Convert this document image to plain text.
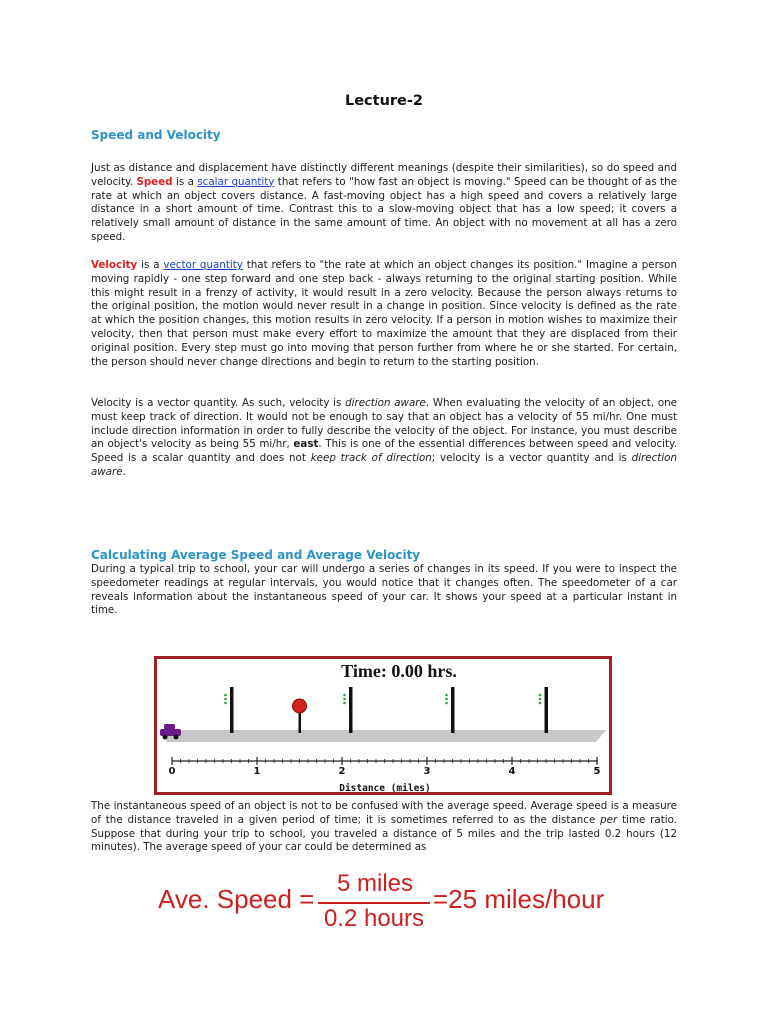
Lecture-2
Speed and Velocity

Just as distance and displacement have distinctly different meanings (despite their similarities), so do speed and velocity. Speed is a scalar quantity that refers to "how fast an object is moving." Speed can be thought of as the rate at which an object covers distance. A fast-moving object has a high speed and covers a relatively large distance in a short amount of time. Contrast this to a slow-moving object that has a low speed; it covers a relatively small amount of distance in the same amount of time. An object with no movement at all has a zero speed.

Velocity is a vector quantity that refers to "the rate at which an object changes its position." Imagine a person moving rapidly - one step forward and one step back - always returning to the original starting position. While this might result in a frenzy of activity, it would result in a zero velocity. Because the person always returns to the original position, the motion would never result in a change in position. Since velocity is defined as the rate at which the position changes, this motion results in zero velocity. If a person in motion wishes to maximize their velocity, then that person must make every effort to maximize the amount that they are displaced from their original position. Every step must go into moving that person further from where he or she started. For certain, the person should never change directions and begin to return to the starting position.

Velocity is a vector quantity. As such, velocity is direction aware. When evaluating the velocity of an object, one must keep track of direction. It would not be enough to say that an object has a velocity of 55 mi/hr. One must include direction information in order to fully describe the velocity of the object. For instance, you must describe an object's velocity as being 55 mi/hr, east. This is one of the essential differences between speed and velocity. Speed is a scalar quantity and does not keep track of direction; velocity is a vector quantity and is direction aware.

Calculating Average Speed and Average Velocity

During a typical trip to school, your car will undergo a series of changes in its speed. If you were to inspect the speedometer readings at regular intervals, you would notice that it changes often. The speedometer of a car reveals information about the instantaneous speed of your car. It shows your speed at a particular instant in time.

Time: 0.00 hrs.
0	1	2	3	4	5
Distance (miles)

The instantaneous speed of an object is not to be confused with the average speed. Average speed is a measure of the distance traveled in a given period of time; it is sometimes referred to as the distance per time ratio. Suppose that during your trip to school, you traveled a distance of 5 miles and the trip lasted 0.2 hours (12 minutes). The average speed of your car could be determined as

Ave. Speed =
5 miles
0.2 hours
=25 miles/hour
